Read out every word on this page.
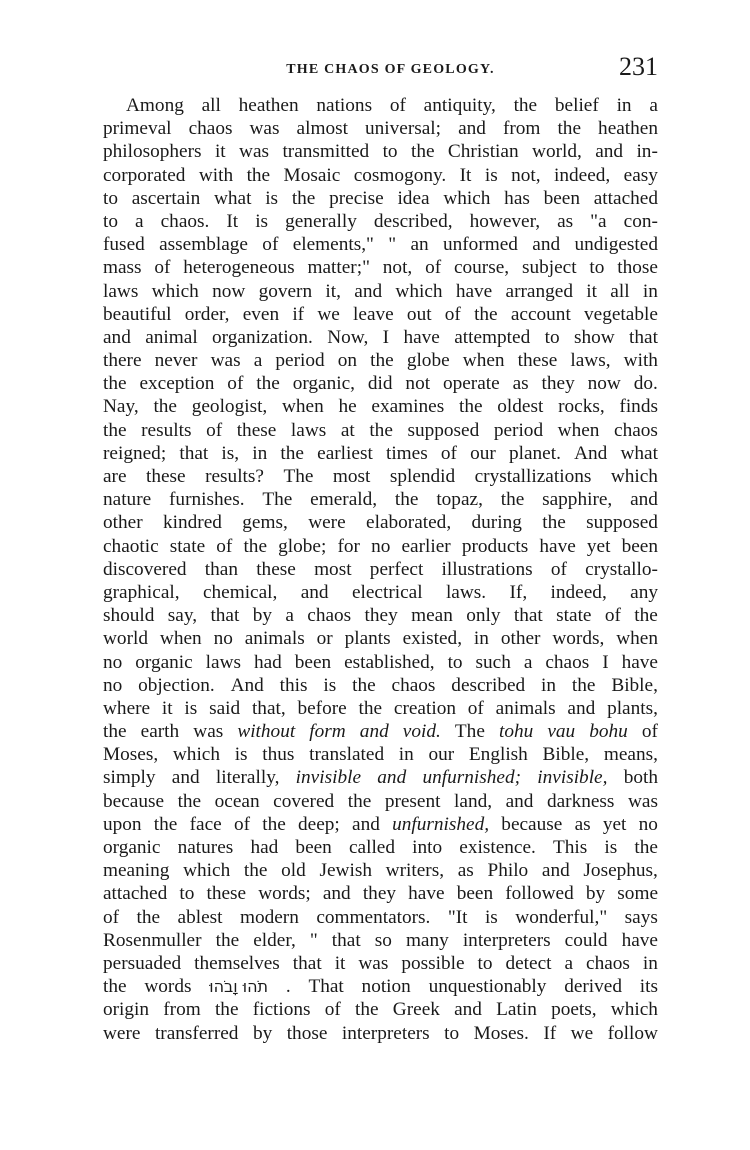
THE CHAOS OF GEOLOGY.	231
Among all heathen nations of antiquity, the belief in a
primeval chaos was almost universal; and from the heathen
philosophers it was transmitted to the Christian world, and in-
corporated with the Mosaic cosmogony. It is not, indeed, easy
to ascertain what is the precise idea which has been attached
to a chaos. It is generally described, however, as "a con-
fused assemblage of elements," " an unformed and undigested
mass of heterogeneous matter;" not, of course, subject to those
laws which now govern it, and which have arranged it all in
beautiful order, even if we leave out of the account vegetable
and animal organization. Now, I have attempted to show that
there never was a period on the globe when these laws, with
the exception of the organic, did not operate as they now do.
Nay, the geologist, when he examines the oldest rocks, finds
the results of these laws at the supposed period when chaos
reigned; that is, in the earliest times of our planet. And what
are these results? The most splendid crystallizations which
nature furnishes. The emerald, the topaz, the sapphire, and
other kindred gems, were elaborated, during the supposed
chaotic state of the globe; for no earlier products have yet been
discovered than these most perfect illustrations of crystallo-
graphical, chemical, and electrical laws. If, indeed, any
should say, that by a chaos they mean only that state of the
world when no animals or plants existed, in other words, when
no organic laws had been established, to such a chaos I have
no objection. And this is the chaos described in the Bible,
where it is said that, before the creation of animals and plants,
the earth was without form and void. The tohu vau bohu of
Moses, which is thus translated in our English Bible, means,
simply and literally, invisible and unfurnished; invisible, both
because the ocean covered the present land, and darkness was
upon the face of the deep; and unfurnished, because as yet no
organic natures had been called into existence. This is the
meaning which the old Jewish writers, as Philo and Josephus,
attached to these words; and they have been followed by some
of the ablest modern commentators. "It is wonderful," says
Rosenmuller the elder, " that so many interpreters could have
persuaded themselves that it was possible to detect a chaos in
the words תֹהוּ וָבֹהוּ . That notion unquestionably derived its
origin from the fictions of the Greek and Latin poets, which
were transferred by those interpreters to Moses. If we follow
